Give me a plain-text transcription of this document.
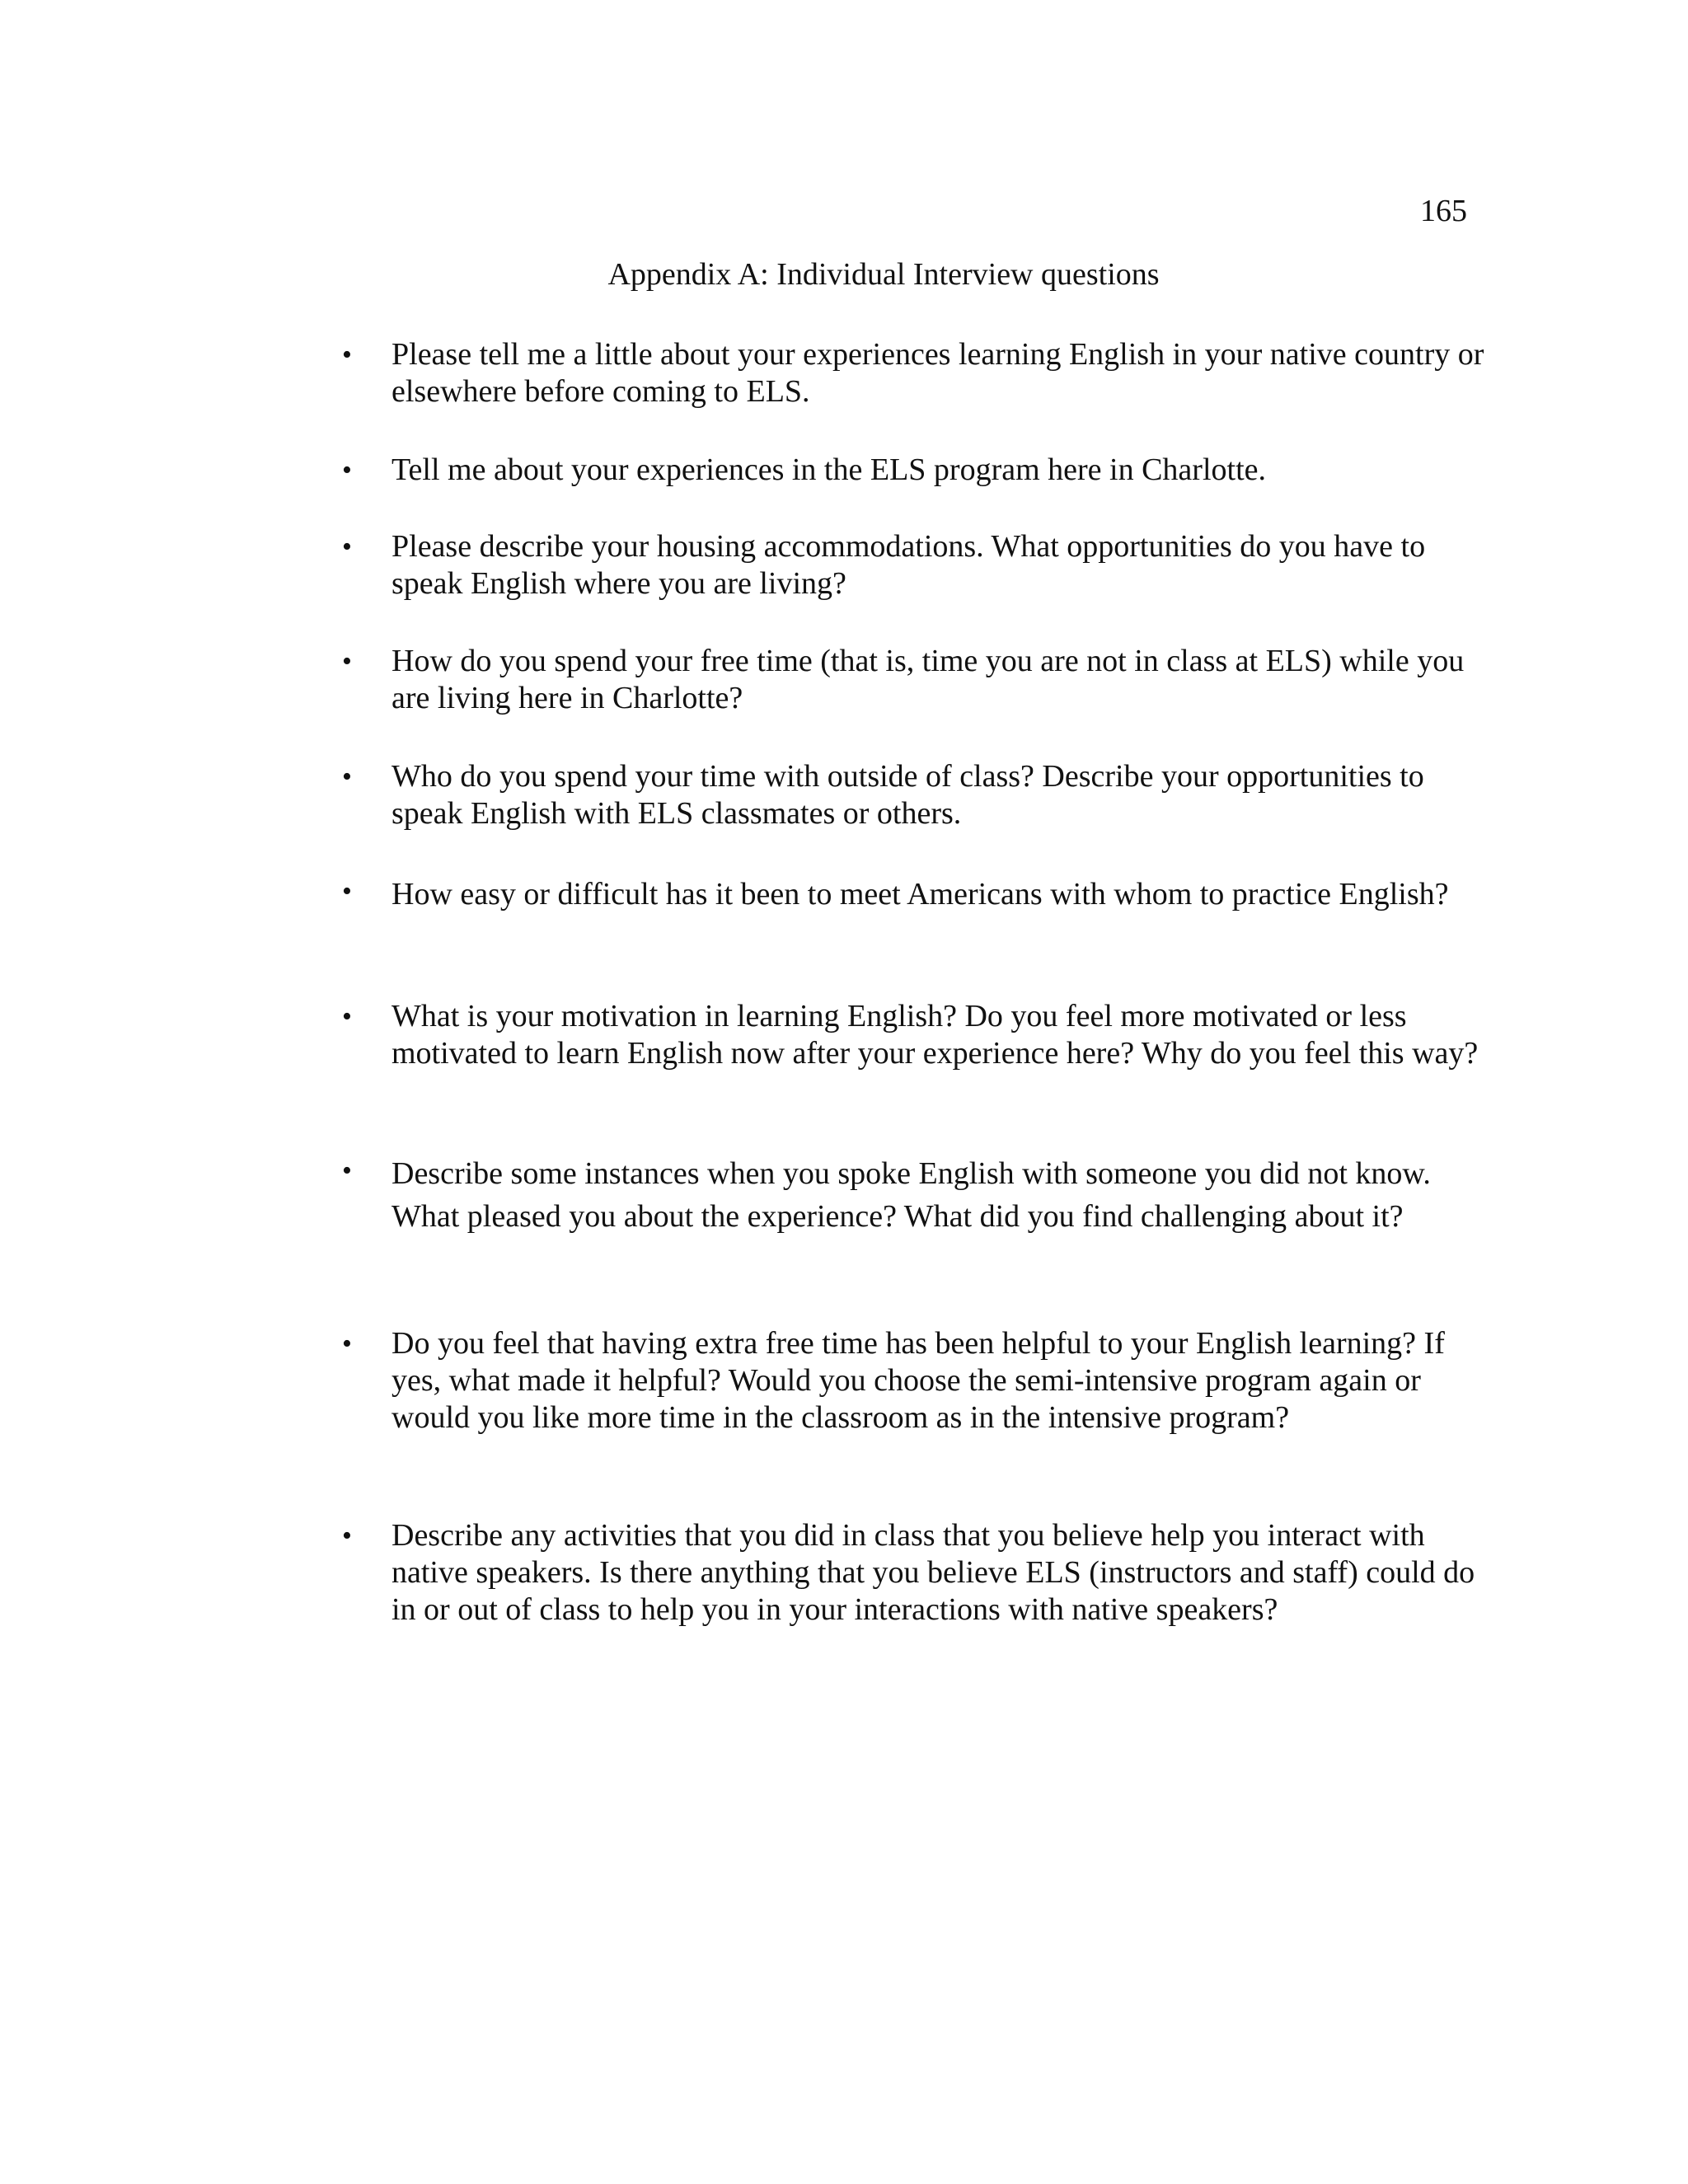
165
Appendix A: Individual Interview questions
• Please tell me a little about your experiences learning English in your native country or elsewhere before coming to ELS.
• Tell me about your experiences in the ELS program here in Charlotte.
• Please describe your housing accommodations. What opportunities do you have to speak English where you are living?
• How do you spend your free time (that is, time you are not in class at ELS) while you are living here in Charlotte?
• Who do you spend your time with outside of class? Describe your opportunities to speak English with ELS classmates or others.
• How easy or difficult has it been to meet Americans with whom to practice English?
• What is your motivation in learning English? Do you feel more motivated or less motivated to learn English now after your experience here? Why do you feel this way?
• Describe some instances when you spoke English with someone you did not know. What pleased you about the experience? What did you find challenging about it?
• Do you feel that having extra free time has been helpful to your English learning? If yes, what made it helpful? Would you choose the semi-intensive program again or would you like more time in the classroom as in the intensive program?
• Describe any activities that you did in class that you believe help you interact with native speakers. Is there anything that you believe ELS (instructors and staff) could do in or out of class to help you in your interactions with native speakers?
